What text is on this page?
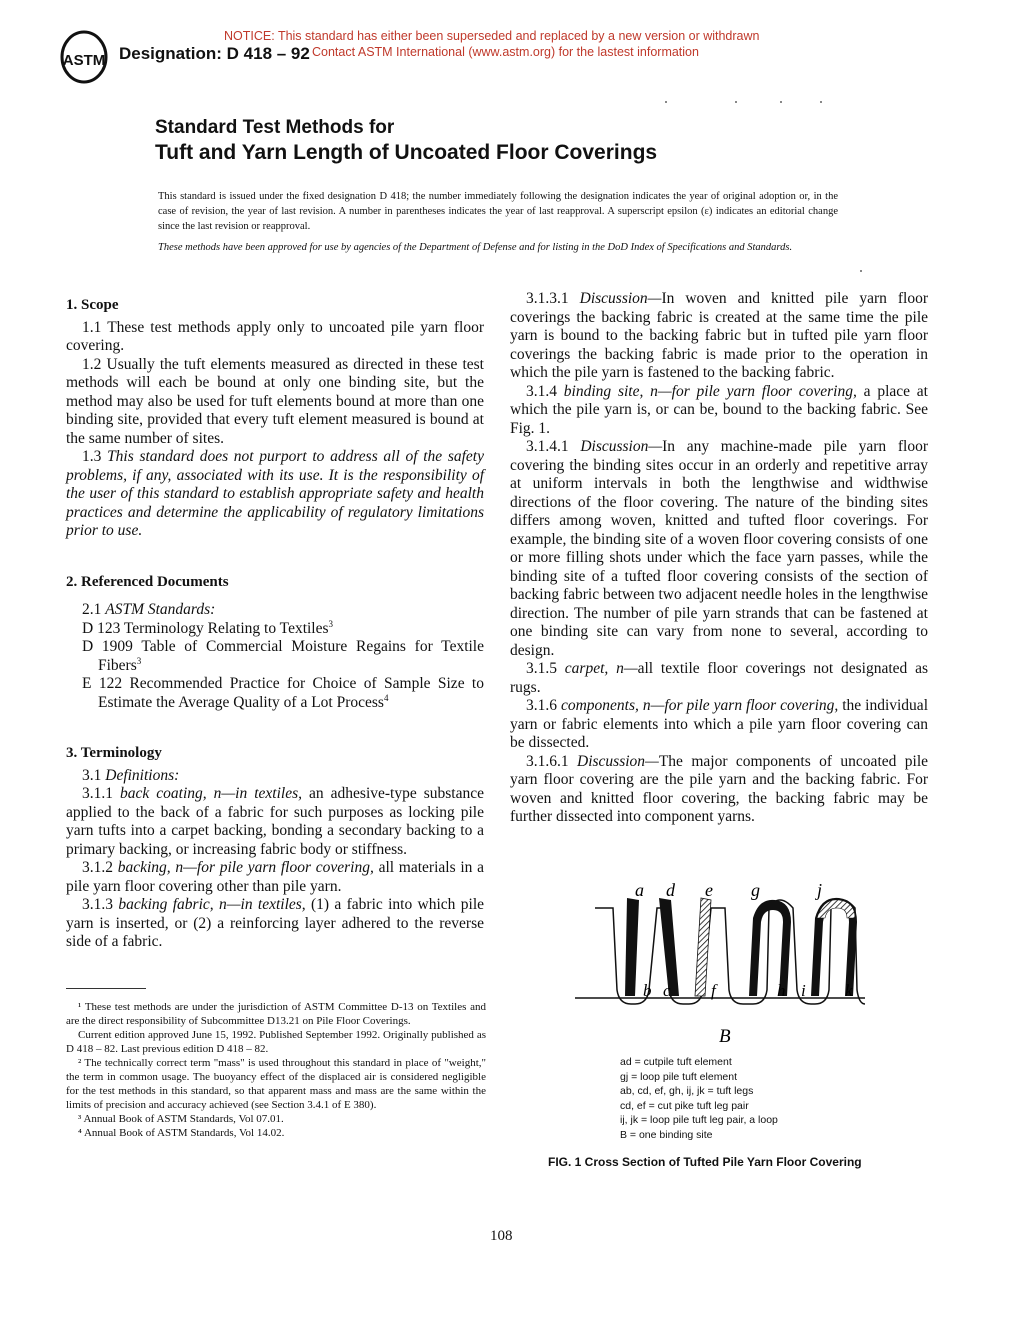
NOTICE: This standard has either been superseded and replaced by a new version or withdrawn
Contact ASTM International (www.astm.org) for the lastest information
ASTM Designation: D 418 – 92
Standard Test Methods for
Tuft and Yarn Length of Uncoated Floor Coverings
This standard is issued under the fixed designation D 418; the number immediately following the designation indicates the year of original adoption or, in the case of revision, the year of last revision. A number in parentheses indicates the year of last reapproval. A superscript epsilon (ε) indicates an editorial change since the last revision or reapproval.
These methods have been approved for use by agencies of the Department of Defense and for listing in the DoD Index of Specifications and Standards.

1. Scope

1.1 These test methods apply only to uncoated pile yarn floor covering.

1.2 Usually the tuft elements measured as directed in these test methods will each be bound at only one binding site, but the method may also be used for tuft elements bound at more than one binding site, provided that every tuft element measured is bound at the same number of sites.

1.3 This standard does not purport to address all of the safety problems, if any, associated with its use. It is the responsibility of the user of this standard to establish appropriate safety and health practices and determine the applicability of regulatory limitations prior to use.

2. Referenced Documents

2.1 ASTM Standards:

D 123 Terminology Relating to Textiles$^3$

D 1909 Table of Commercial Moisture Regains for Textile Fibers$^3$

E 122 Recommended Practice for Choice of Sample Size to Estimate the Average Quality of a Lot Process$^4$

3. Terminology

3.1 Definitions:

3.1.1 back coating, n—in textiles, an adhesive-type substance applied to the back of a fabric for such purposes as locking pile yarn tufts into a carpet backing, bonding a secondary backing to a primary backing, or increasing fabric body or stiffness.

3.1.2 backing, n—for pile yarn floor covering, all materials in a pile yarn floor covering other than pile yarn.

3.1.3 backing fabric, n—in textiles, (1) a fabric into which pile yarn is inserted, or (2) a reinforcing layer adhered to the reverse side of a fabric.

¹ These test methods are under the jurisdiction of ASTM Committee D-13 on Textiles and are the direct responsibility of Subcommittee D13.21 on Pile Floor Coverings.

Current edition approved June 15, 1992. Published September 1992. Originally published as D 418 – 82. Last previous edition D 418 – 82.

² The technically correct term "mass" is used throughout this standard in place of "weight," the term in common usage. The buoyancy effect of the displaced air is considered negligible for the test methods in this standard, so that apparent mass and mass are the same within the limits of precision and accuracy achieved (see Section 3.4.1 of E 380).

³ Annual Book of ASTM Standards, Vol 07.01.

⁴ Annual Book of ASTM Standards, Vol 14.02.

3.1.3.1 Discussion—In woven and knitted pile yarn floor coverings the backing fabric is created at the same time the pile yarn is bound to the backing fabric but in tufted pile yarn floor coverings the backing fabric is made prior to the operation in which the pile yarn is fastened to the backing fabric.

3.1.4 binding site, n—for pile yarn floor covering, a place at which the pile yarn is, or can be, bound to the backing fabric. See Fig. 1.

3.1.4.1 Discussion—In any machine-made pile yarn floor covering the binding sites occur in an orderly and repetitive array at uniform intervals in both the lengthwise and widthwise directions of the floor covering. The nature of the binding sites differs among woven, knitted and tufted floor coverings. For example, the binding site of a woven floor covering consists of one or more filling shots under which the face yarn passes, while the binding site of a tufted floor covering consists of the section of backing fabric between two adjacent needle holes in the lengthwise direction. The number of pile yarn strands that can be fastened at one binding site can vary from none to several, according to design.

3.1.5 carpet, n—all textile floor coverings not designated as rugs.

3.1.6 components, n—for pile yarn floor covering, the individual yarn or fabric elements into which a pile yarn floor covering can be dissected.

3.1.6.1 Discussion—The major components of uncoated pile yarn floor covering are the pile yarn and the backing fabric. For woven and knitted floor covering, the backing fabric may be further dissected into component yarns.

a d e g	j
b c f	h i k
B
ad = cutpile tuft element
gj = loop pile tuft element
ab, cd, ef, gh, ij, jk = tuft legs
cd, ef = cut pike tuft leg pair
ij, jk = loop pile tuft leg pair, a loop
B = one binding site
FIG. 1 Cross Section of Tufted Pile Yarn Floor Covering
108
